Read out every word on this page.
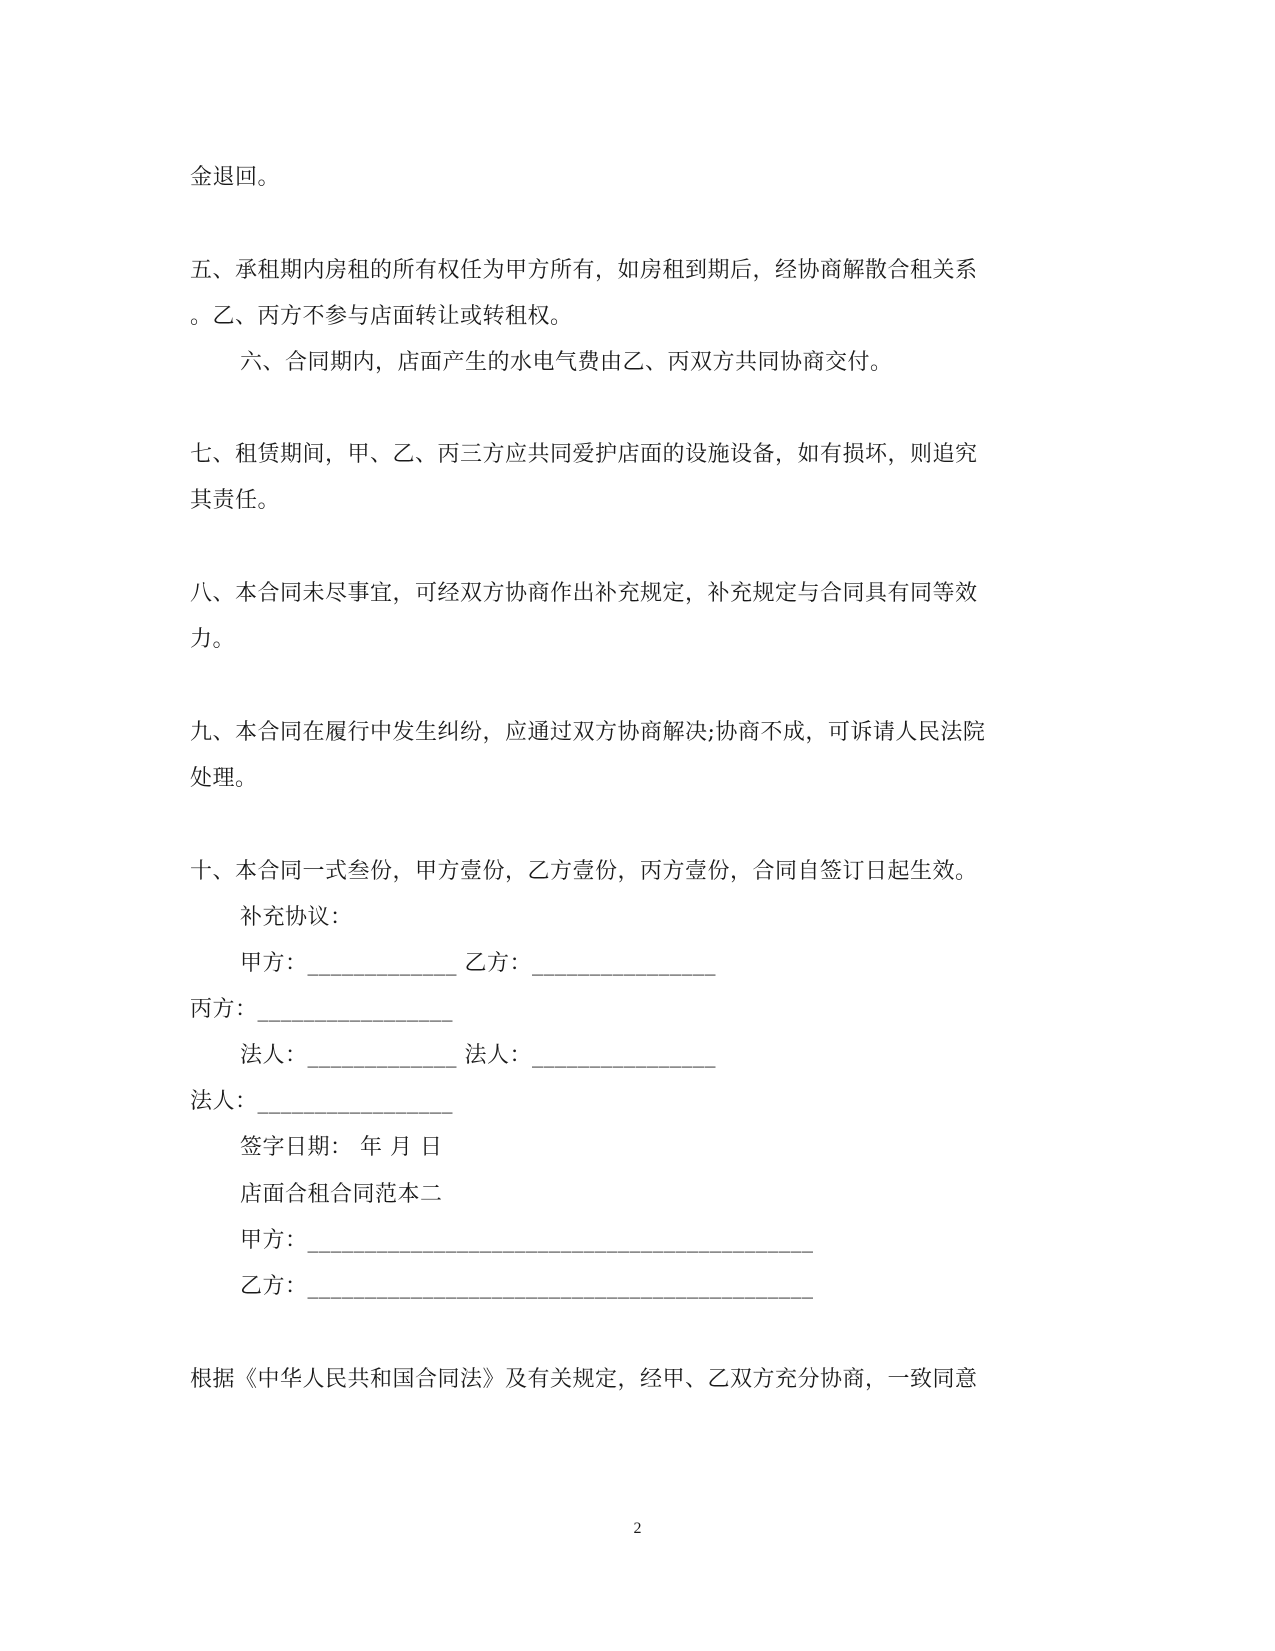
金退回。
五、承租期内房租的所有权任为甲方所有，如房租到期后，经协商解散合租关系
。乙、丙方不参与店面转让或转租权。
六、合同期内，店面产生的水电气费由乙、丙双方共同协商交付。
七、租赁期间，甲、乙、丙三方应共同爱护店面的设施设备，如有损坏，则追究
其责任。
八、本合同未尽事宜，可经双方协商作出补充规定，补充规定与合同具有同等效
力。
九、本合同在履行中发生纠纷，应通过双方协商解决;协商不成，可诉请人民法院
处理。
十、本合同一式叁份，甲方壹份，乙方壹份，丙方壹份，合同自签订日起生效。
补充协议：
甲方：_____________ 乙方：________________
丙方：_________________
法人：_____________ 法人：________________
法人：_________________
签字日期： 年 月 日
店面合租合同范本二
甲方：____________________________________________
乙方：____________________________________________
根据《中华人民共和国合同法》及有关规定，经甲、乙双方充分协商，一致同意
2
